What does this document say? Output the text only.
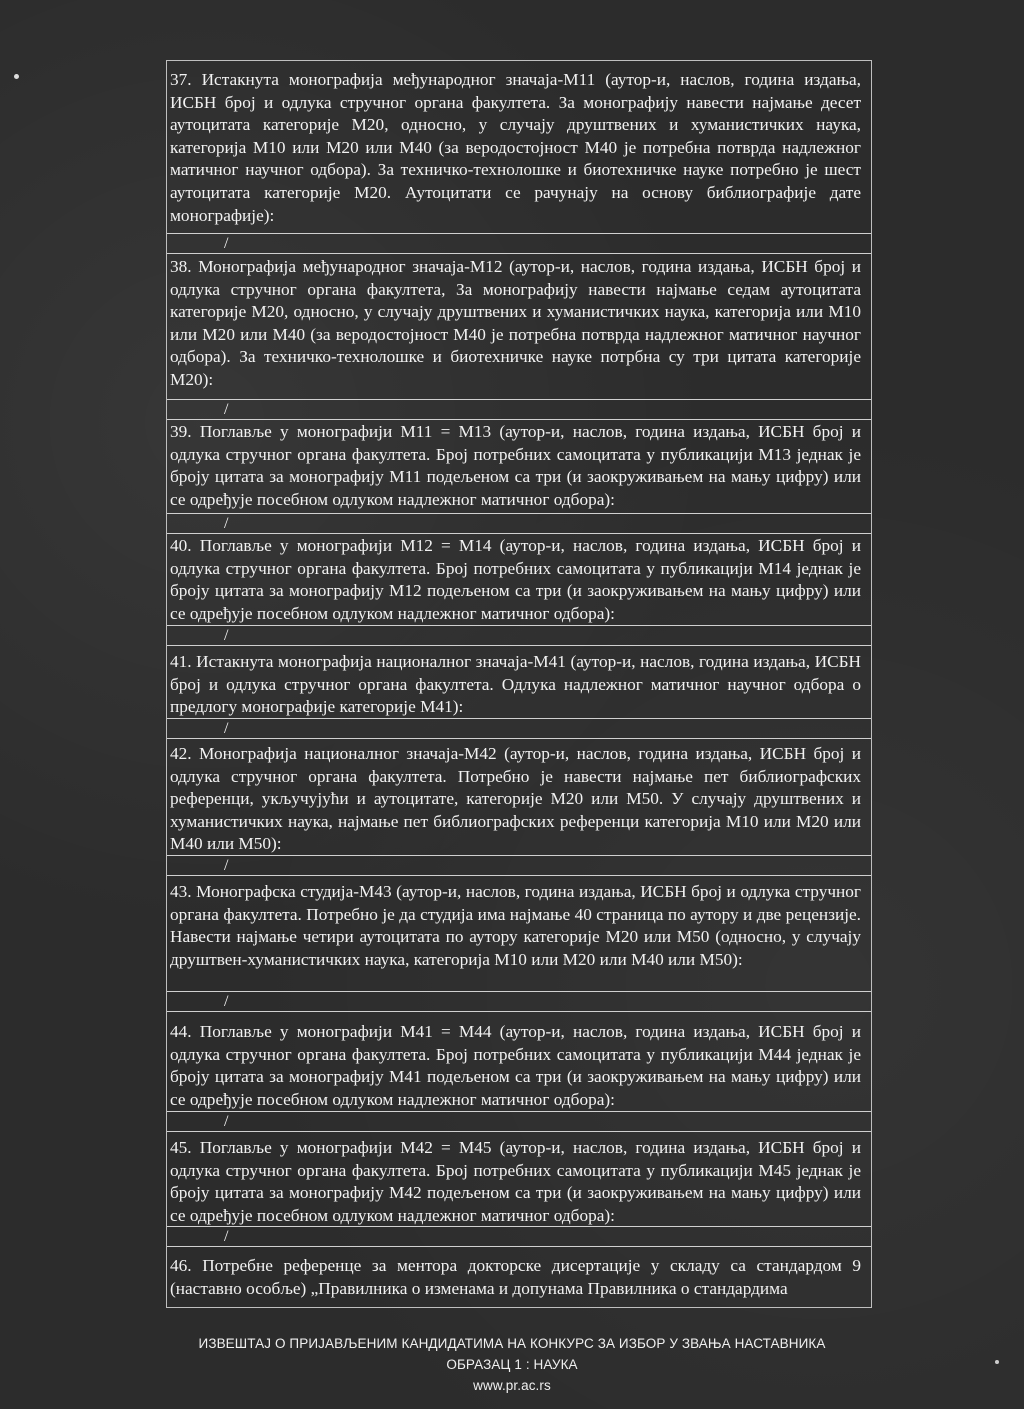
37. Истакнута монографија међународног значаја-М11 (аутор-и, наслов, година издања, ИСБН број и одлука стручног органа факултета. За монографију навести најмање десет аутоцитата категорије М20, односно, у случају друштвених и хуманистичких наука, категорија М10 или М20 или М40 (за веродостојност М40 је потребна потврда надлежног матичног научног одбора). За техничко-технолошке и биотехничке науке потребно је шест аутоцитата категорије М20. Аутоцитати се рачунају на основу библиографије дате монографије):
/
38. Монографија међународног значаја-М12 (аутор-и, наслов, година издања, ИСБН број и одлука стручног органа факултета, За монографију навести најмање седам аутоцитата категорије М20, односно, у случају друштвених и хуманистичких наука, категорија или М10 или М20 или М40 (за веродостојност М40 је потребна потврда надлежног матичног научног одбора). За техничко-технолошке и биотехничке науке потрбна су три цитата категорије М20):
/
39. Поглавље у монографији М11 = М13 (аутор-и, наслов, година издања, ИСБН број и одлука стручног органа факултета. Број потребних самоцитата у публикацији М13 једнак је броју цитата за монографију М11 подељеном са три (и заокруживањем на мању цифру) или се одређује посебном одлуком надлежног матичног одбора):
/
40. Поглавље у монографији М12 = М14 (аутор-и, наслов, година издања, ИСБН број и одлука стручног органа факултета. Број потребних самоцитата у публикацији М14 једнак је броју цитата за монографију М12 подељеном са три (и заокруживањем на мању цифру) или се одређује посебном одлуком надлежног матичног одбора):
/
41. Истакнута монографија националног значаја-М41 (аутор-и, наслов, година издања, ИСБН број и одлука стручног органа факултета. Одлука надлежног матичног научног одбора о предлогу монографије категорије М41):
/
42. Монографија националног значаја-М42 (аутор-и, наслов, година издања, ИСБН број и одлука стручног органа факултета. Потребно је навести најмање пет библиографских референци, укључујући и аутоцитате, категорије М20 или М50. У случају друштвених и хуманистичких наука, најмање пет библиографских референци категорија М10 или М20 или М40 или М50):
/
43. Монографска студија-М43 (аутор-и, наслов, година издања, ИСБН број и одлука стручног органа факултета. Потребно је да студија има најмање 40 страница по аутору и две рецензије. Навести најмање четири аутоцитата по аутору категорије М20 или М50 (односно, у случају друштвен-хуманистичких наука, категорија М10 или М20 или М40 или М50):
/
44. Поглавље у монографији М41 = М44 (аутор-и, наслов, година издања, ИСБН број и одлука стручног органа факултета. Број потребних самоцитата у публикацији М44 једнак је броју цитата за монографију М41 подељеном са три (и заокруживањем на мању цифру) или се одређује посебном одлуком надлежног матичног одбора):
/
45. Поглавље у монографији М42 = М45 (аутор-и, наслов, година издања, ИСБН број и одлука стручног органа факултета. Број потребних самоцитата у публикацији М45 једнак је броју цитата за монографију М42 подељеном са три (и заокруживањем на мању цифру) или се одређује посебном одлуком надлежног матичног одбора):
/
46. Потребне референце за ментора докторске дисертације у складу са стандардом 9 (наставно особље) „Правилника о изменама и допунама Правилника о стандардима
ИЗВЕШТАЈ О ПРИЈАВЉЕНИМ КАНДИДАТИМА НА КОНКУРС ЗА ИЗБОР У ЗВАЊА НАСТАВНИКА
ОБРАЗАЦ 1 : НАУКА
www.pr.ac.rs
